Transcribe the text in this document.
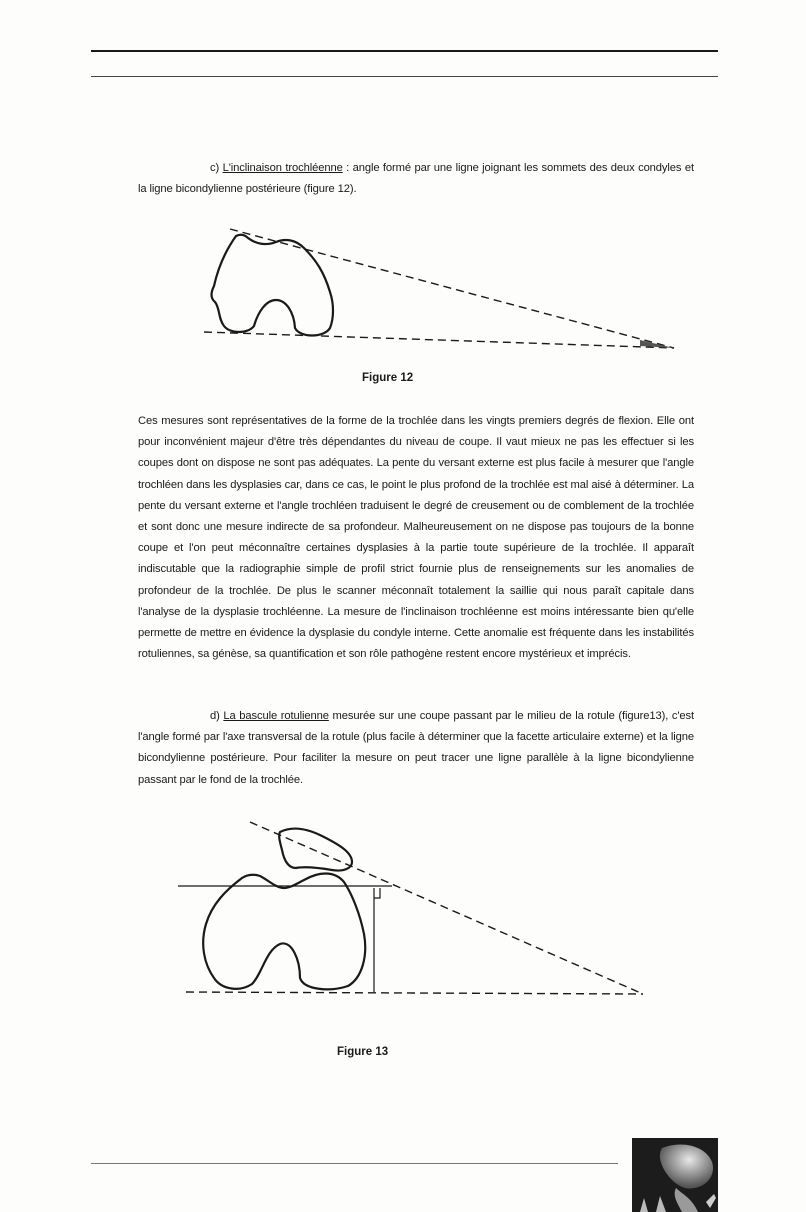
c) L'inclinaison trochléenne : angle formé par une ligne joignant les sommets des deux condyles et la ligne bicondylienne postérieure (figure 12).

Figure 12

Ces mesures sont représentatives de la forme de la trochlée dans les vingts premiers degrés de flexion. Elle ont pour inconvénient majeur d'être très dépendantes du niveau de coupe. Il vaut mieux ne pas les effectuer si les coupes dont on dispose ne sont pas adéquates. La pente du versant externe est plus facile à mesurer que l'angle trochléen dans les dysplasies car, dans ce cas, le point le plus profond de la trochlée est mal aisé à déterminer. La pente du versant externe et l'angle trochléen traduisent le degré de creusement ou de comblement de la trochlée et sont donc une mesure indirecte de sa profondeur. Malheureusement on ne dispose pas toujours de la bonne coupe et l'on peut méconnaître certaines dysplasies à la partie toute supérieure de la trochlée. Il apparaît indiscutable que la radiographie simple de profil strict fournie plus de renseignements sur les anomalies de profondeur de la trochlée. De plus le scanner méconnaît totalement la saillie qui nous paraît capitale dans l'analyse de la dysplasie trochléenne. La mesure de l'inclinaison trochléenne est moins intéressante bien qu'elle permette de mettre en évidence la dysplasie du condyle interne. Cette anomalie est fréquente dans les instabilités rotuliennes, sa génèse, sa quantification et son rôle pathogène restent encore mystérieux et imprécis.

d) La bascule rotulienne mesurée sur une coupe passant par le milieu de la rotule (figure13), c'est l'angle formé par l'axe transversal de la rotule (plus facile à déterminer que la facette articulaire externe) et la ligne bicondylienne postérieure. Pour faciliter la mesure on peut tracer une ligne parallèle à la ligne bicondylienne passant par le fond de la trochlée.

Figure 13
